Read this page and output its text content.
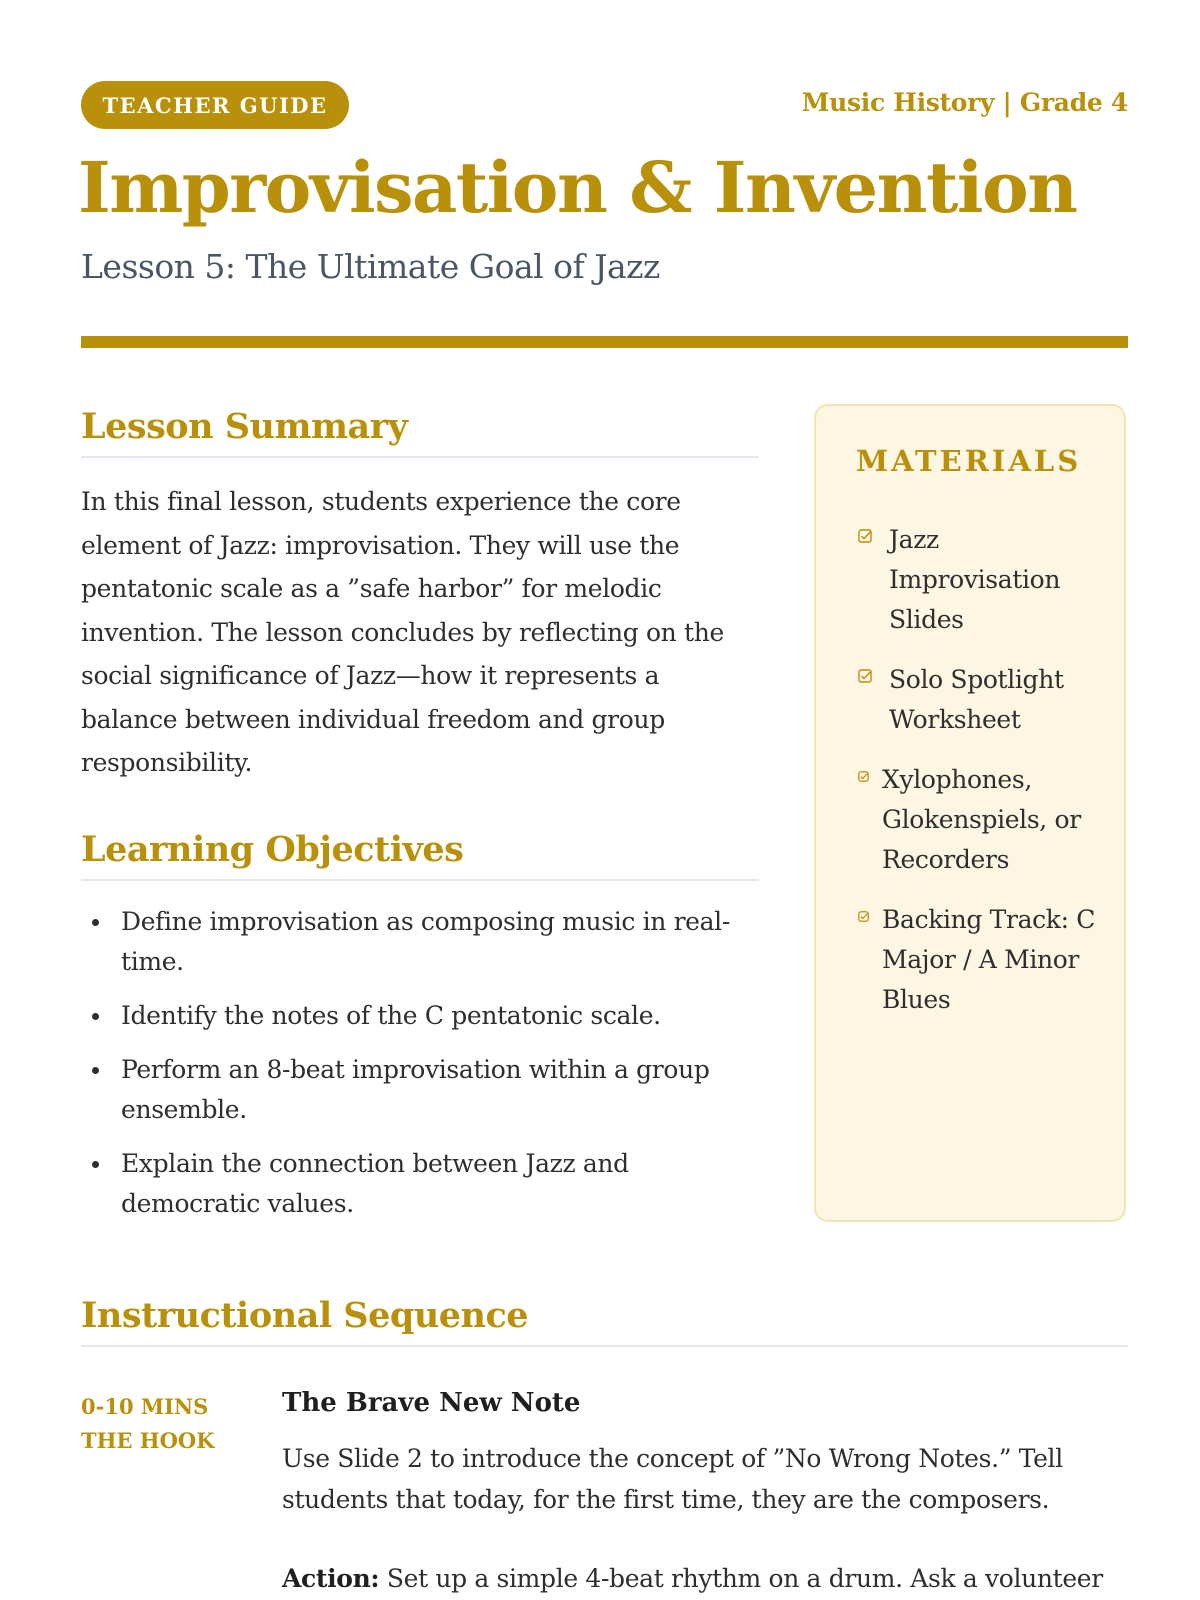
TEACHER GUIDE	Music History | Grade 4
Improvisation & Invention
Lesson 5: The Ultimate Goal of Jazz
Lesson Summary

In this final lesson, students experience the core element of Jazz: improvisation. They will use the pentatonic scale as a ”safe harbor” for melodic invention. The lesson concludes by reflecting on the social significance of Jazz—how it represents a balance between individual freedom and group responsibility.

Learning Objectives
Define improvisation as composing music in real-time.
Identify the notes of the C pentatonic scale.
Perform an 8-beat improvisation within a group ensemble.
Explain the connection between Jazz and democratic values.
MATERIALS
Jazz Improvisation Slides
Solo Spotlight Worksheet
Xylophones, Glokenspiels, or Recorders
Backing Track: C Major / A Minor Blues
Instructional Sequence
0-10 MINS
THE HOOK
The Brave New Note

Use Slide 2 to introduce the concept of ”No Wrong Notes.” Tell students that today, for the first time, they are the composers.

Action: Set up a simple 4-beat rhythm on a drum. Ask a volunteer
